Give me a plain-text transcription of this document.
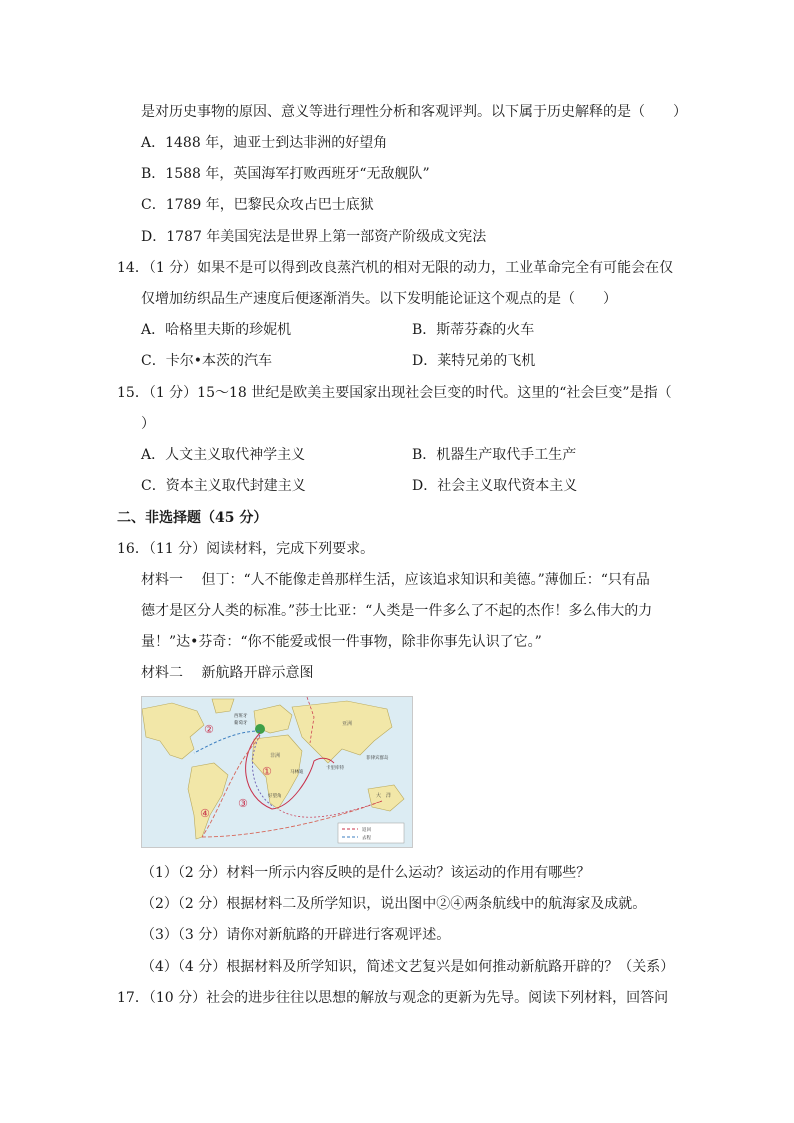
是对历史事物的原因、意义等进行理性分析和客观评判。以下属于历史解释的是（　　）
A．1488 年，迪亚士到达非洲的好望角
B．1588 年，英国海军打败西班牙“无敌舰队”
C．1789 年，巴黎民众攻占巴士底狱
D．1787 年美国宪法是世界上第一部资产阶级成文宪法
14．（1 分）如果不是可以得到改良蒸汽机的相对无限的动力，工业革命完全有可能会在仅
仅增加纺织品生产速度后便逐渐消失。以下发明能论证这个观点的是（　　）
A．哈格里夫斯的珍妮机	B．斯蒂芬森的火车
C．卡尔•本茨的汽车	D．莱特兄弟的飞机
15．（1 分）15～18 世纪是欧美主要国家出现社会巨变的时代。这里的“社会巨变”是指（
）
A．人文主义取代神学主义	B．机器生产取代手工生产
C．资本主义取代封建主义	D．社会主义取代资本主义
二、非选择题（45 分）
16．（11 分）阅读材料，完成下列要求。
材料一　 但丁：“人不能像走兽那样生活，应该追求知识和美德。”薄伽丘：“只有品
德才是区分人类的标准。”莎士比亚：“人类是一件多么了不起的杰作！多么伟大的力
量！”达•芬奇：“你不能爱或恨一件事物，除非你事先认识了它。”
材料二　 新航路开辟示意图
②
①
③
④
西班牙
葡萄牙
卡里库特
马林迪
好望角
菲律宾群岛
大　洋
亚洲
非洲
返回
去程
（1）（2 分）材料一所示内容反映的是什么运动？该运动的作用有哪些？
（2）（2 分）根据材料二及所学知识，说出图中②④两条航线中的航海家及成就。
（3）（3 分）请你对新航路的开辟进行客观评述。
（4）（4 分）根据材料及所学知识，简述文艺复兴是如何推动新航路开辟的？（关系）
17．（10 分）社会的进步往往以思想的解放与观念的更新为先导。阅读下列材料，回答问
